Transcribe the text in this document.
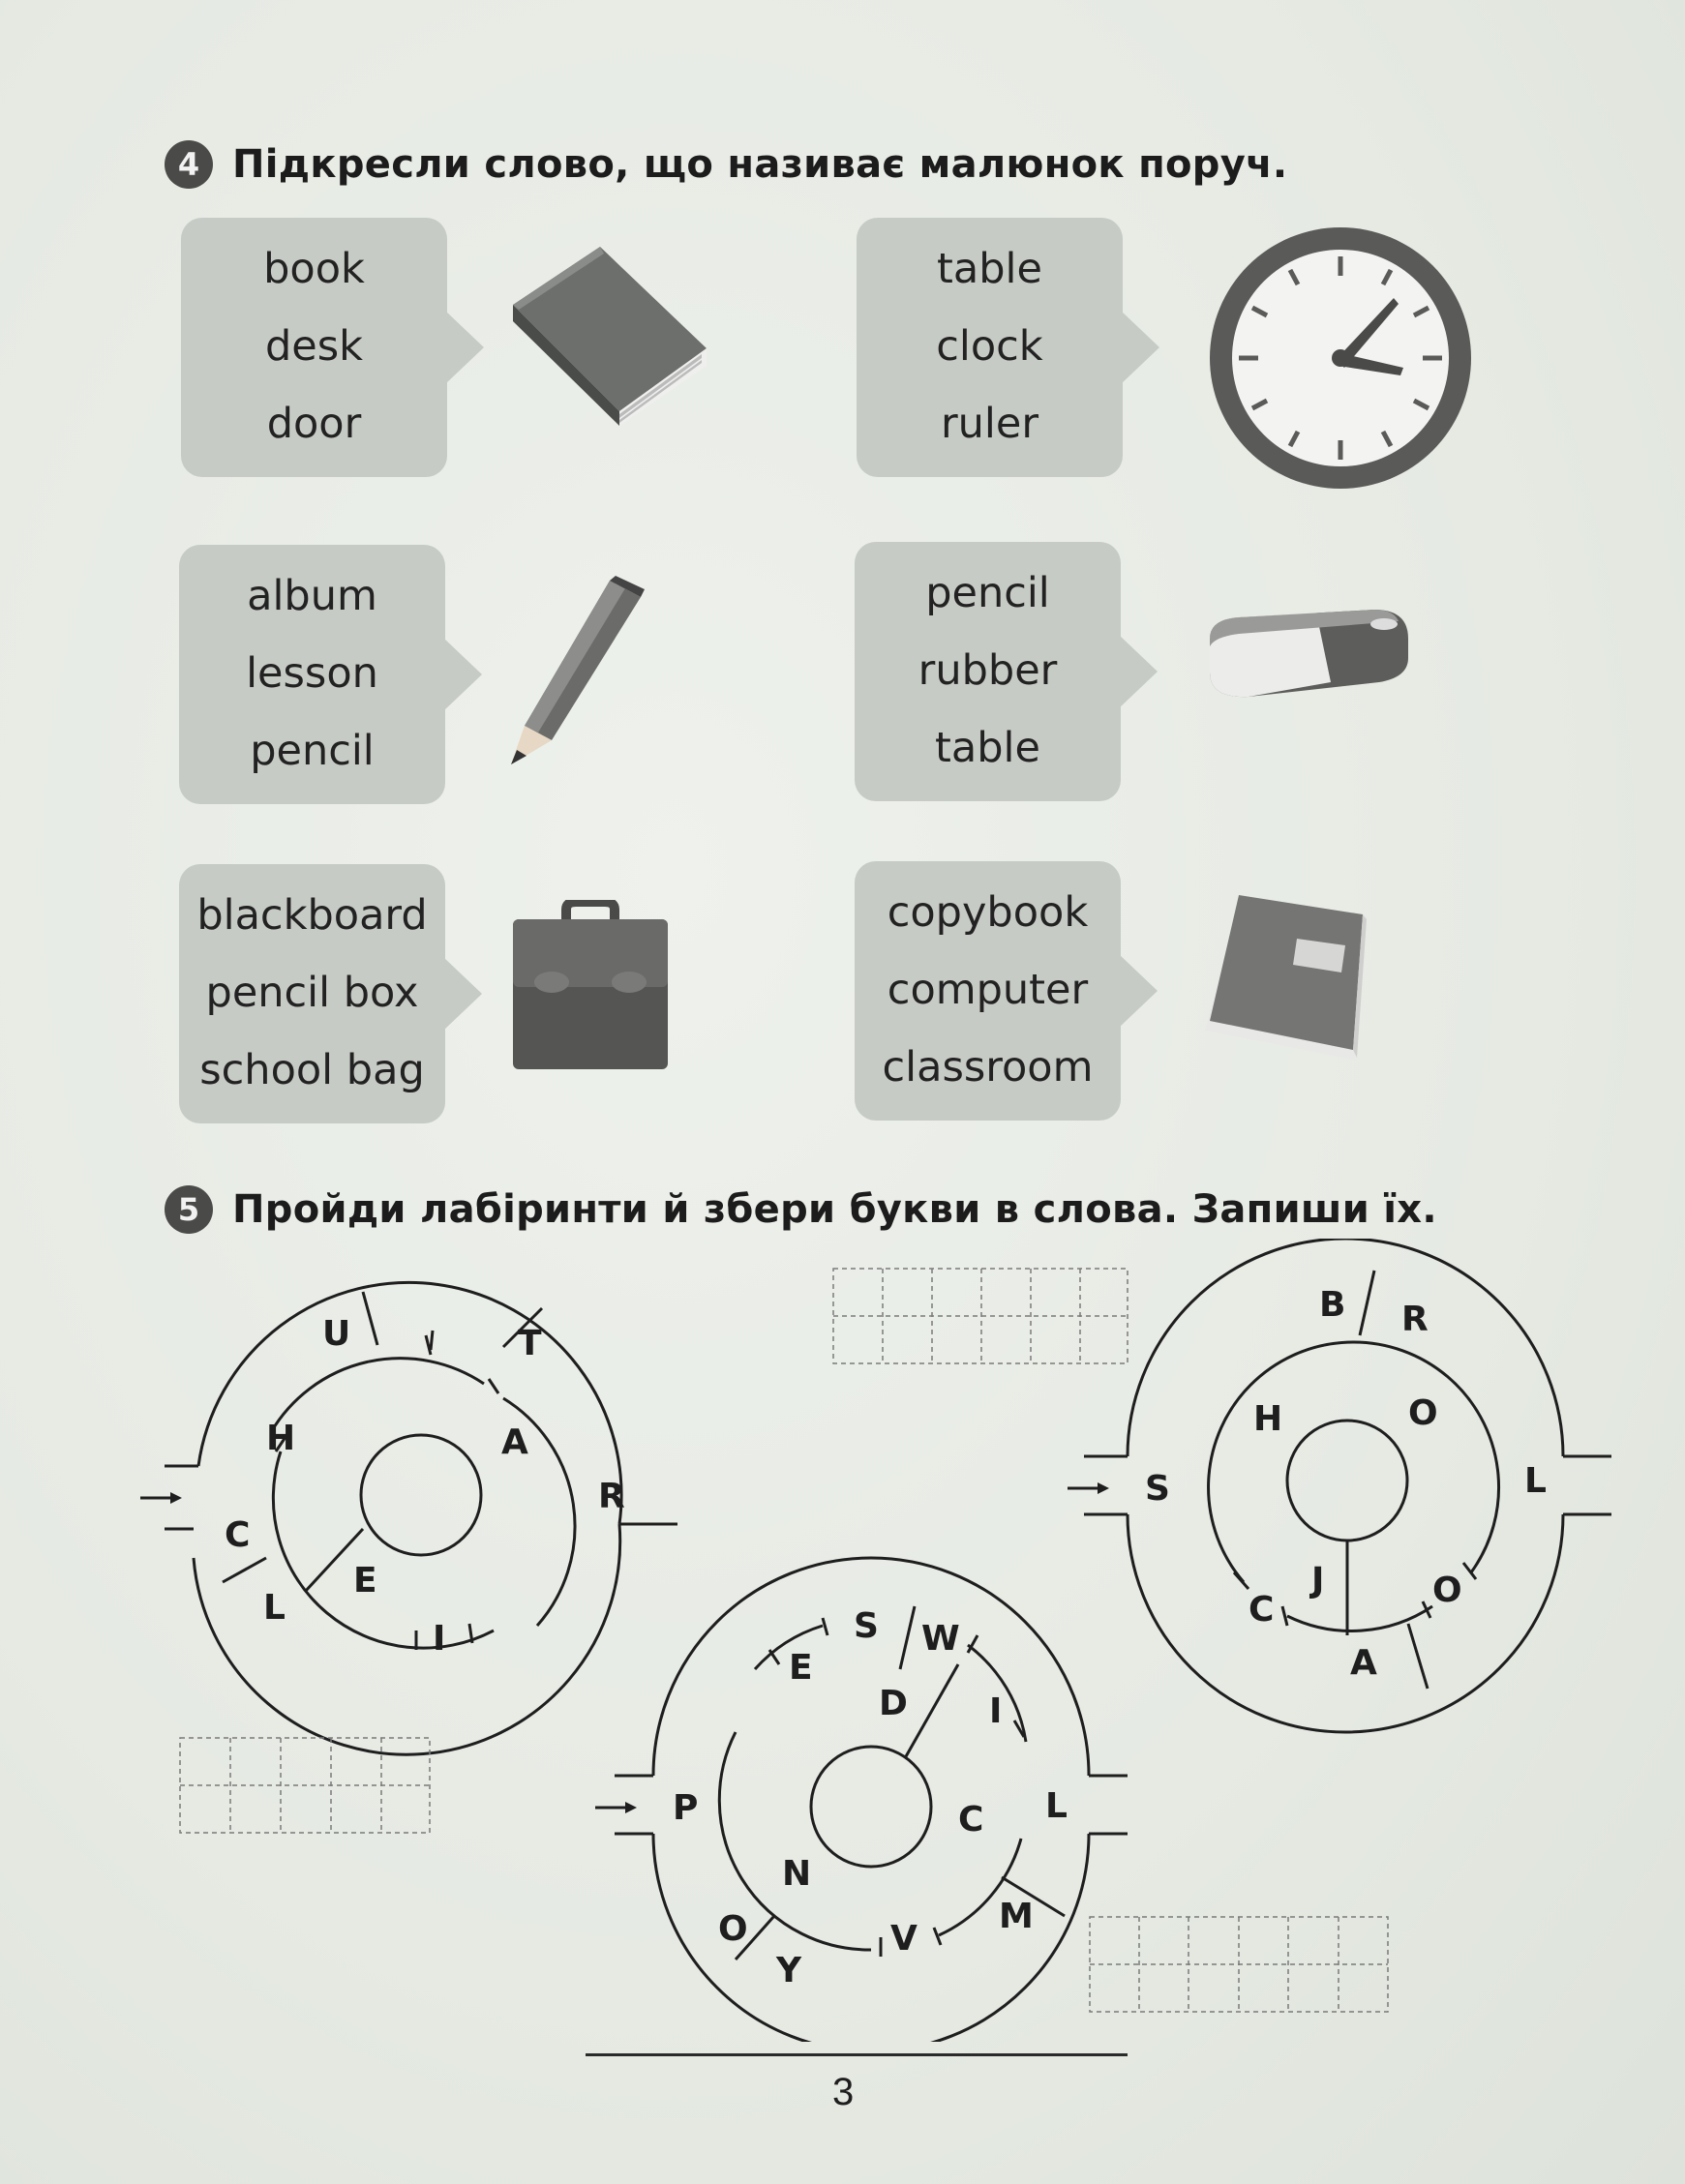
4 Підкресли слово, що називає малюнок поруч.
book
desk
door
table
clock
ruler
album
lesson
pencil
pencil
rubber
table
blackboard
pencil box
school bag
copybook
computer
classroom
5 Пройди лабіринти й збери букви в слова. Запиши їх.
U	T
H	A
R
C
E
L
I
B R
H	O
S	L
C
J	O
A
S W
E
D I
P	C L
N
O	V
M
Y
3
